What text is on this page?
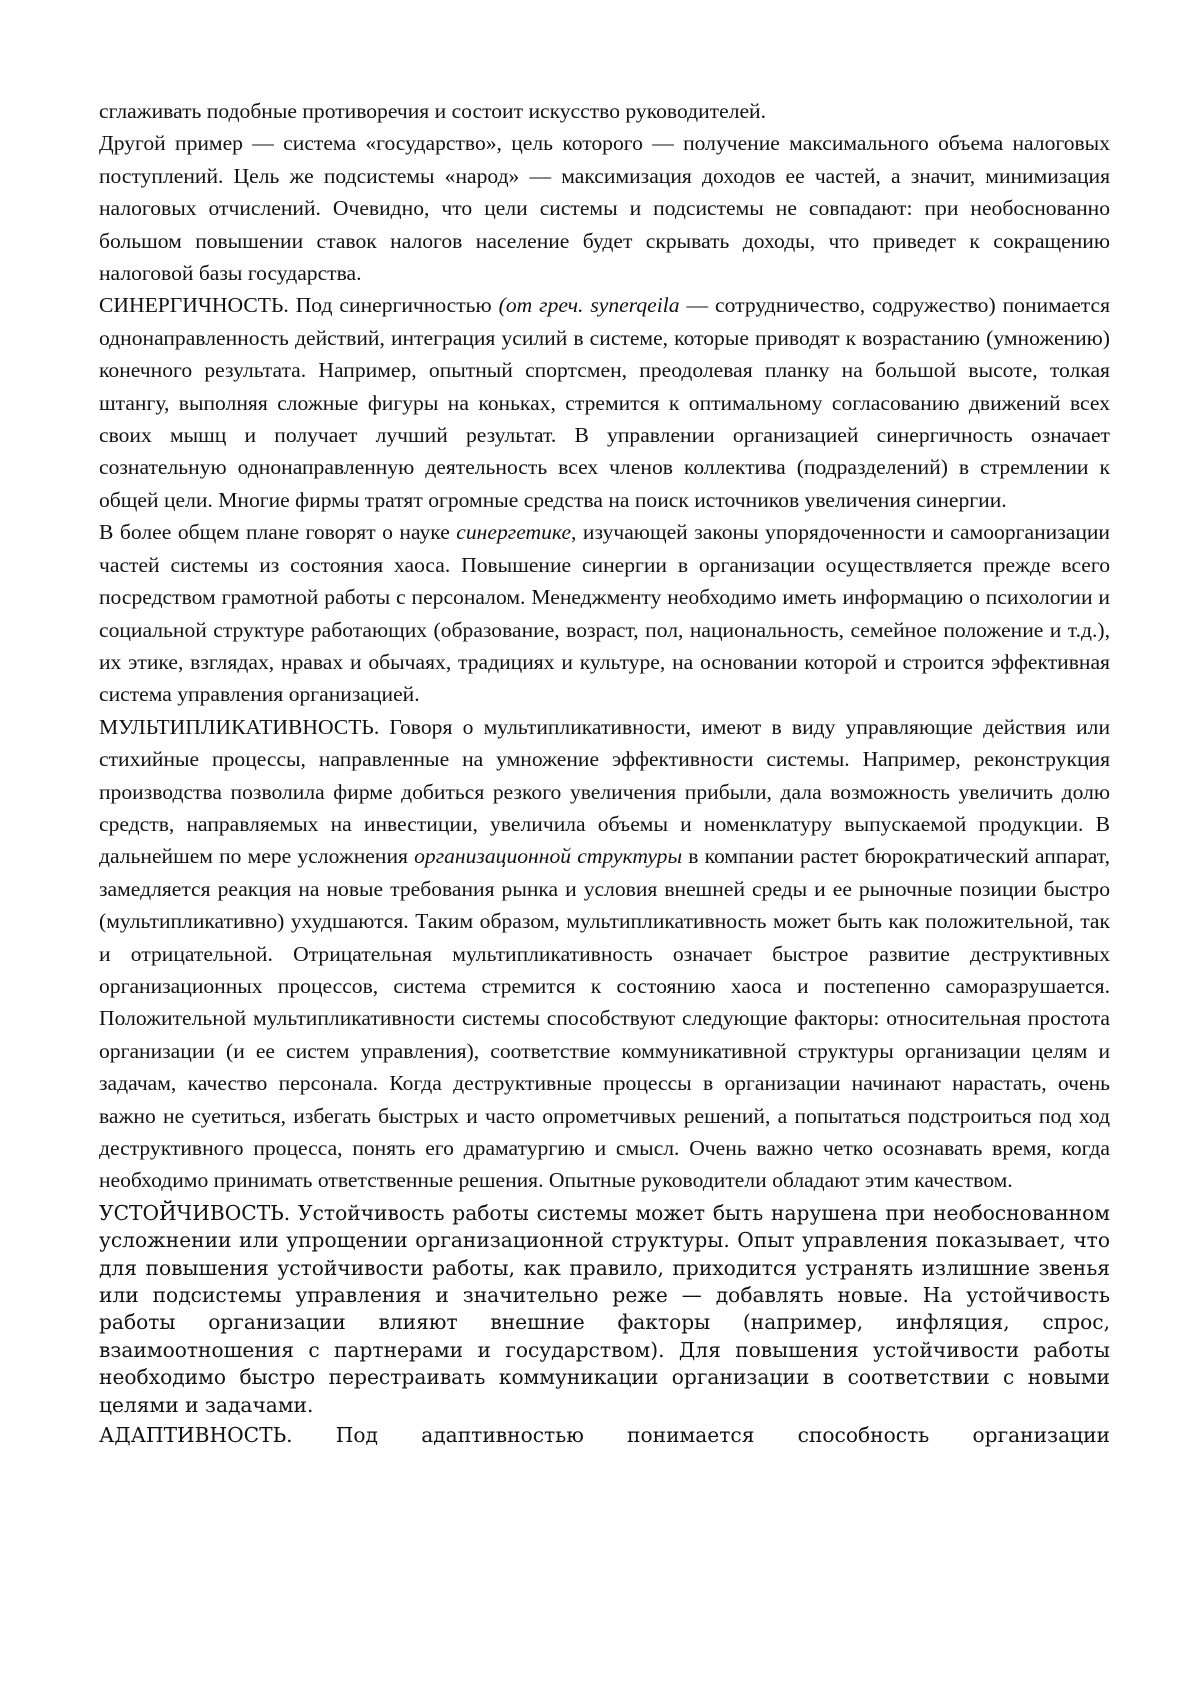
сглаживать подобные противоречия и состоит искусство руководителей.

Другой пример — система «государство», цель которого — получение максимального объема налоговых поступлений. Цель же подсистемы «народ» — максимизация доходов ее частей, а значит, минимизация налоговых отчислений. Очевидно, что цели системы и подсистемы не совпадают: при необоснованно большом повышении ставок налогов население будет скрывать доходы, что приведет к сокращению налоговой базы государства.

СИНЕРГИЧНОСТЬ. Под синергичностью (от греч. synerqeila — сотрудничество, содружество) понимается однонаправленность действий, интеграция усилий в системе, которые приводят к возрастанию (умножению) конечного результата. Например, опытный спортсмен, преодолевая планку на большой высоте, толкая штангу, выполняя сложные фигуры на коньках, стремится к оптимальному согласованию движений всех своих мышц и получает лучший результат. В управлении организацией синергичность означает сознательную однонаправленную деятельность всех членов коллектива (подразделений) в стремлении к общей цели. Многие фирмы тратят огромные средства на поиск источников увеличения синергии.

В более общем плане говорят о науке синергетике, изучающей законы упорядоченности и самоорганизации частей системы из состояния хаоса. Повышение синергии в организации осуществляется прежде всего посредством грамотной работы с персоналом. Менеджменту необходимо иметь информацию о психологии и социальной структуре работающих (образование, возраст, пол, национальность, семейное положение и т.д.), их этике, взглядах, нравах и обычаях, традициях и культуре, на основании которой и строится эффективная система управления организацией.

МУЛЬТИПЛИКАТИВНОСТЬ. Говоря о мультипликативности, имеют в виду управляющие действия или стихийные процессы, направленные на умножение эффективности системы. Например, реконструкция производства позволила фирме добиться резкого увеличения прибыли, дала возможность увеличить долю средств, направляемых на инвестиции, увеличила объемы и номенклатуру выпускаемой продукции. В дальнейшем по мере усложнения организационной структуры в компании растет бюрократический аппарат, замедляется реакция на новые требования рынка и условия внешней среды и ее рыночные позиции быстро (мультипликативно) ухудшаются. Таким образом, мультипликативность может быть как положительной, так и отрицательной. Отрицательная мультипликативность означает быстрое развитие деструктивных организационных процессов, система стремится к состоянию хаоса и постепенно саморазрушается. Положительной мультипликативности системы способствуют следующие факторы: относительная простота организации (и ее систем управления), соответствие коммуникативной структуры организации целям и задачам, качество персонала. Когда деструктивные процессы в организации начинают нарастать, очень важно не суетиться, избегать быстрых и часто опрометчивых решений, а попытаться подстроиться под ход деструктивного процесса, понять его драматургию и смысл. Очень важно четко осознавать время, когда необходимо принимать ответственные решения. Опытные руководители обладают этим качеством.

УСТОЙЧИВОСТЬ. Устойчивость работы системы может быть нарушена при необоснованном усложнении или упрощении организационной структуры. Опыт управления показывает, что для повышения устойчивости работы, как правило, приходится устранять излишние звенья или подсистемы управления и значительно реже — добавлять новые. На устойчивость работы организации влияют внешние факторы (например, инфляция, спрос, взаимоотношения с партнерами и государством). Для повышения устойчивости работы необходимо быстро перестраивать коммуникации организации в соответствии с новыми целями и задачами.

АДАПТИВНОСТЬ. Под адаптивностью понимается способность организации
